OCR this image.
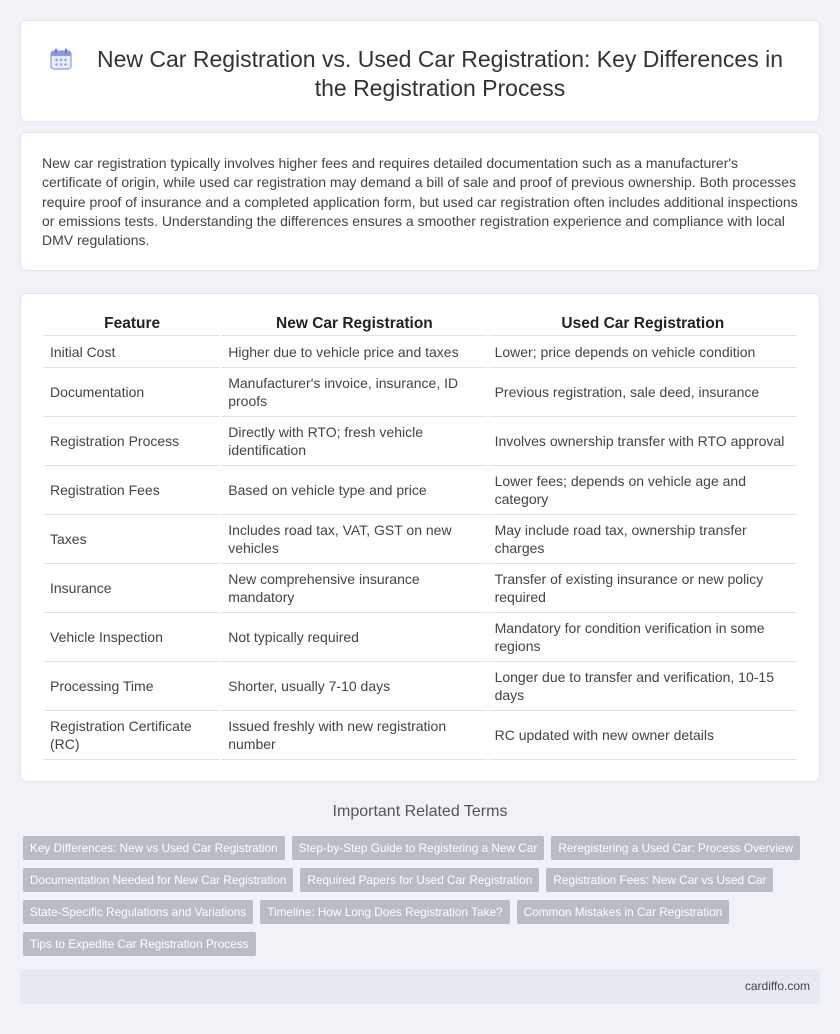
New Car Registration vs. Used Car Registration: Key Differences in the Registration Process

New car registration typically involves higher fees and requires detailed documentation such as a manufacturer's certificate of origin, while used car registration may demand a bill of sale and proof of previous ownership. Both processes require proof of insurance and a completed application form, but used car registration often includes additional inspections or emissions tests. Understanding the differences ensures a smoother registration experience and compliance with local DMV regulations.

Feature	New Car Registration	Used Car Registration
Initial Cost	Higher due to vehicle price and taxes	Lower; price depends on vehicle condition
Documentation	Manufacturer's invoice, insurance, ID proofs	Previous registration, sale deed, insurance
Registration Process	Directly with RTO; fresh vehicle identification	Involves ownership transfer with RTO approval
Registration Fees	Based on vehicle type and price	Lower fees; depends on vehicle age and category
Taxes	Includes road tax, VAT, GST on new vehicles	May include road tax, ownership transfer charges
Insurance	New comprehensive insurance mandatory	Transfer of existing insurance or new policy required
Vehicle Inspection	Not typically required	Mandatory for condition verification in some regions
Processing Time	Shorter, usually 7-10 days	Longer due to transfer and verification, 10-15 days
Registration Certificate (RC)	Issued freshly with new registration number	RC updated with new owner details
Important Related Terms
Key Differences: New vs Used Car Registration	Step-by-Step Guide to Registering a New Car	Reregistering a Used Car: Process Overview
Documentation Needed for New Car Registration	Required Papers for Used Car Registration	Registration Fees: New Car vs Used Car
State-Specific Regulations and Variations	Timeline: How Long Does Registration Take?	Common Mistakes in Car Registration
Tips to Expedite Car Registration Process
cardiffo.com
